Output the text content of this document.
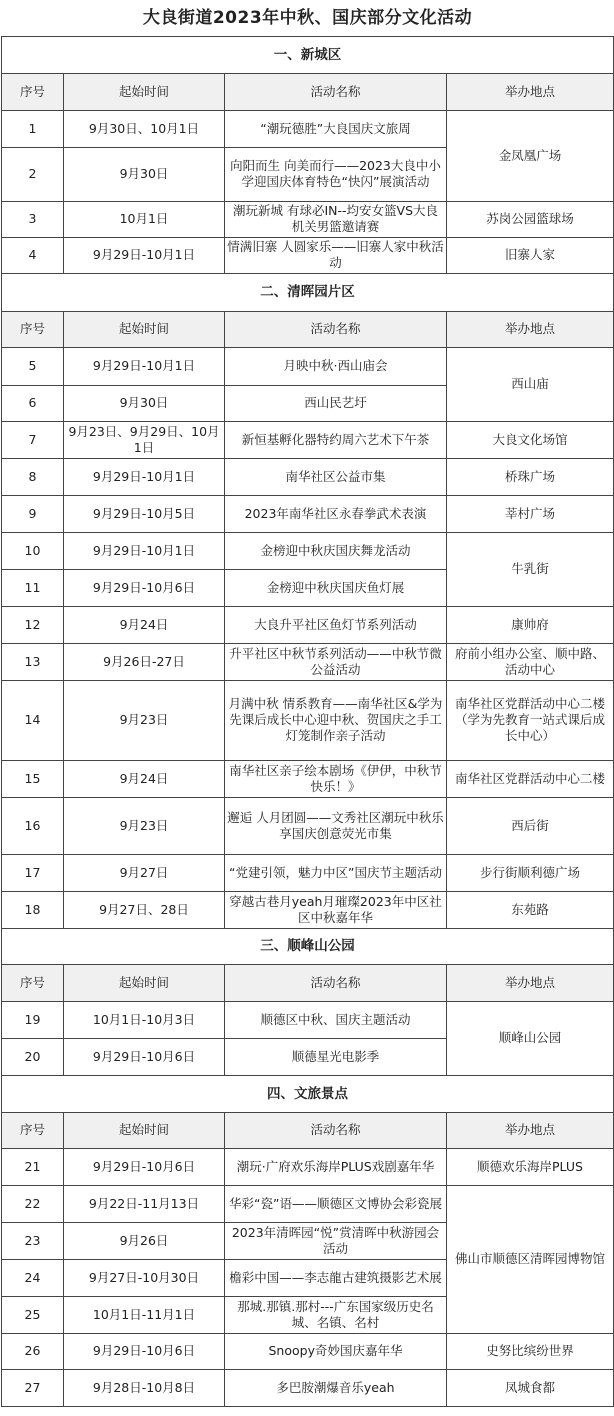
大良街道2023年中秋、国庆部分文化活动			
一、新城区			
序号	起始时间	活动名称	举办地点
1	9月30日、10月1日	“潮玩德胜”大良国庆文旅周	金凤凰广场
2	9月30日	向阳而生 向美而行——2023大良中小学迎国庆体育特色“快闪”展演活动	
3	10月1日	潮玩新城 有球必IN--均安女篮VS大良机关男篮邀请赛	苏岗公园篮球场
4	9月29日-10月1日	情满旧寨 人圆家乐——旧寨人家中秋活动	旧寨人家
二、清晖园片区			
序号	起始时间	活动名称	举办地点
5	9月29日-10月1日	月映中秋·西山庙会	西山庙
6	9月30日	西山民艺圩	
7	9月23日、9月29日、10月1日	新恒基孵化器特约周六艺术下午茶	大良文化场馆
8	9月29日-10月1日	南华社区公益市集	桥珠广场
9	9月29日-10月5日	2023年南华社区永春拳武术表演	莘村广场
10	9月29日-10月1日	金榜迎中秋庆国庆舞龙活动	牛乳街
11	9月29日-10月6日	金榜迎中秋庆国庆鱼灯展	
12	9月24日	大良升平社区鱼灯节系列活动	康帅府
13	9月26日-27日	升平社区中秋节系列活动——中秋节微公益活动	府前小组办公室、顺中路、活动中心
14	9月23日	月满中秋 情系教育——南华社区&学为先课后成长中心迎中秋、贺国庆之手工灯笼制作亲子活动	南华社区党群活动中心二楼（学为先教育一站式课后成长中心）
15	9月24日	南华社区亲子绘本剧场《伊伊，中秋节快乐！》	南华社区党群活动中心二楼
16	9月23日	邂逅 人月团圆——文秀社区潮玩中秋乐享国庆创意荧光市集	西后街
17	9月27日	“党建引领，魅力中区”国庆节主题活动	步行街顺利德广场
18	9月27日、28日	穿越古巷月yeah月璀璨2023年中区社区中秋嘉年华	东苑路
三、顺峰山公园			
序号	起始时间	活动名称	举办地点
19	10月1日-10月3日	顺德区中秋、国庆主题活动	顺峰山公园
20	9月29日-10月6日	顺德星光电影季	
四、文旅景点			
序号	起始时间	活动名称	举办地点
21	9月29日-10月6日	潮玩·广府欢乐海岸PLUS戏剧嘉年华	顺德欢乐海岸PLUS
22	9月22日-11月13日	华彩“瓷”语——顺德区文博协会彩瓷展	佛山市顺德区清晖园博物馆
23	9月26日	2023年清晖园“悦”赏清晖中秋游园会活动	
24	9月27日-10月30日	檐彩中国——李志龍古建筑摄影艺术展	
25	10月1日-11月1日	那城.那镇.那村---广东国家级历史名城、名镇、名村	
26	9月29日-10月6日	Snoopy奇妙国庆嘉年华	史努比缤纷世界
27	9月28日-10月8日	多巴胺潮爆音乐yeah	凤城食都
